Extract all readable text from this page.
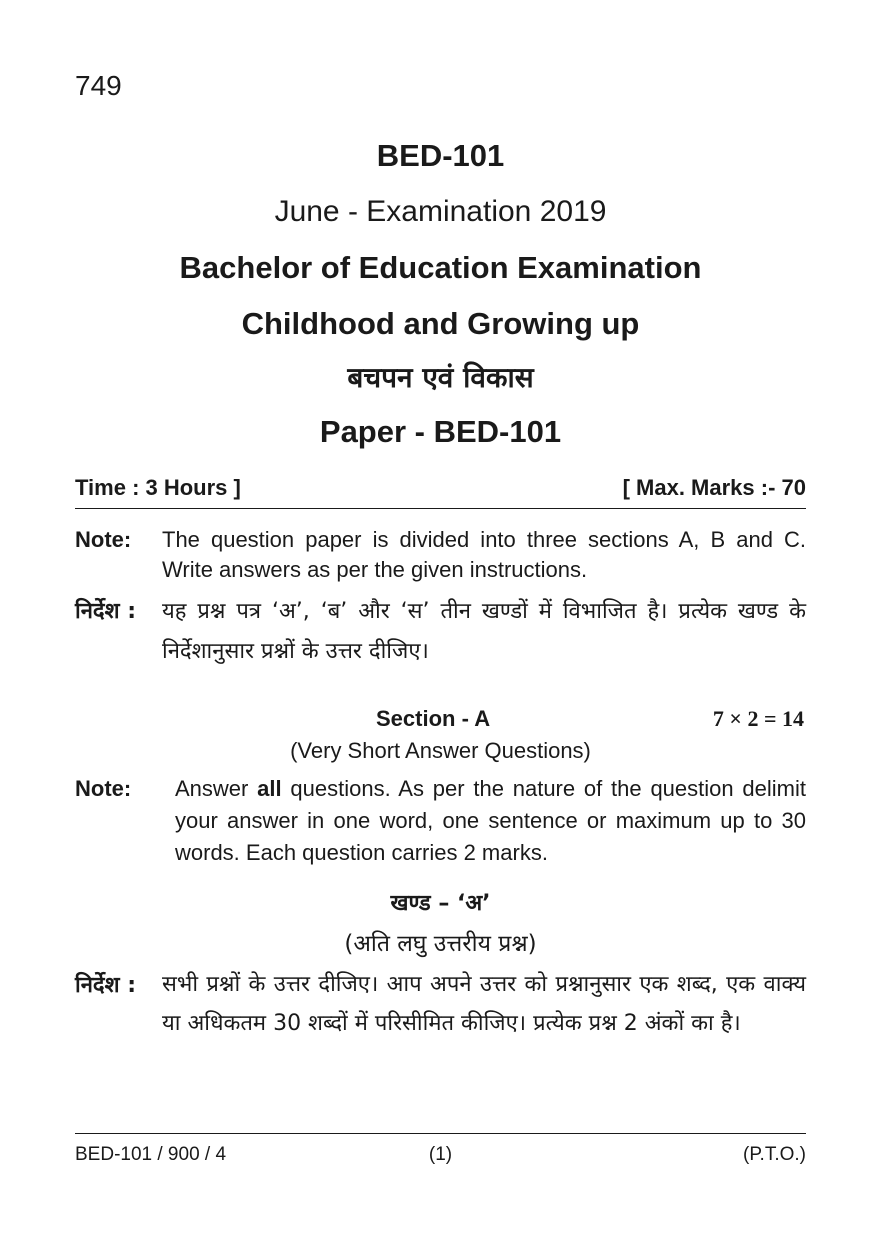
749
BED-101
June - Examination 2019
Bachelor of Education Examination
Childhood and Growing up
बचपन एवं विकास
Paper - BED-101
Time : 3 Hours ]	[ Max. Marks :- 70
Note: The question paper is divided into three sections A, B and C. Write answers as per the given instructions.
निर्देश : यह प्रश्न पत्र ‘अ’, ‘ब’ और ‘स’ तीन खण्डों में विभाजित है। प्रत्येक खण्ड के निर्देशानुसार प्रश्नों के उत्तर दीजिए।
Section - A	7 × 2 = 14
(Very Short Answer Questions)
Note: Answer all questions. As per the nature of the question delimit your answer in one word, one sentence or maximum up to 30 words. Each question carries 2 marks.
खण्ड – ‘अ’
(अति लघु उत्तरीय प्रश्न)
निर्देश : सभी प्रश्नों के उत्तर दीजिए। आप अपने उत्तर को प्रश्नानुसार एक शब्द, एक वाक्य या अधिकतम 30 शब्दों में परिसीमित कीजिए। प्रत्येक प्रश्न 2 अंकों का है।
BED-101 / 900 / 4	(1)	(P.T.O.)
